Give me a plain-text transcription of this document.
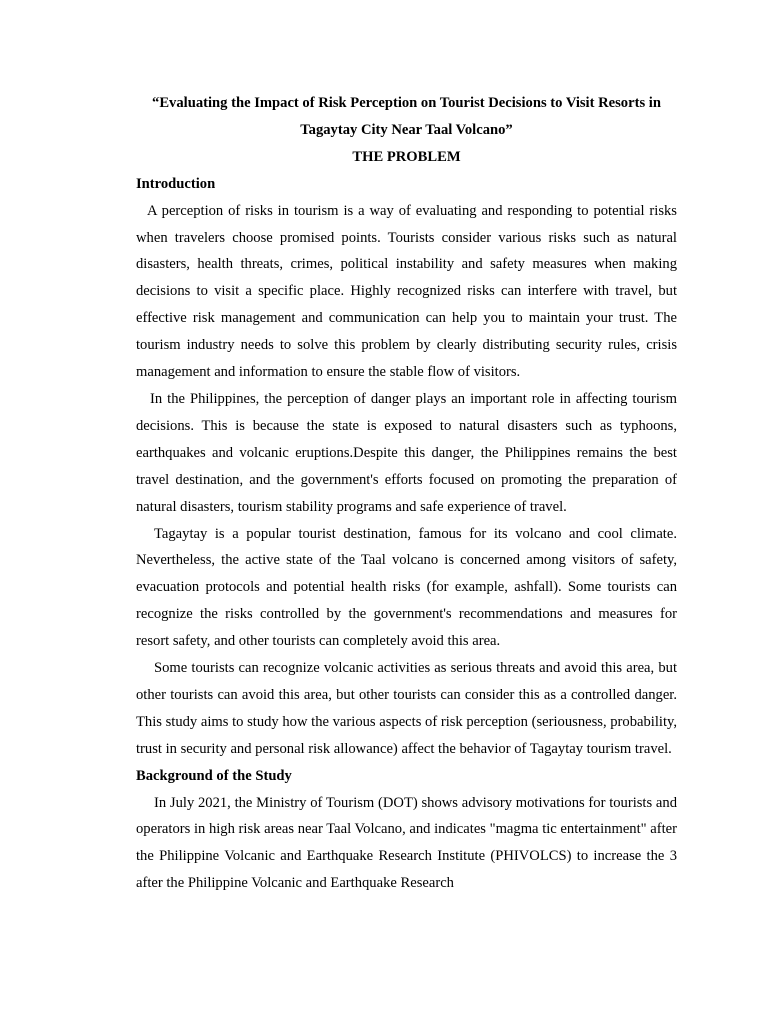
“Evaluating the Impact of Risk Perception on Tourist Decisions to Visit Resorts in
Tagaytay City Near Taal Volcano”

THE PROBLEM

Introduction

A perception of risks in tourism is a way of evaluating and responding to potential risks when travelers choose promised points. Tourists consider various risks such as natural disasters, health threats, crimes, political instability and safety measures when making decisions to visit a specific place. Highly recognized risks can interfere with travel, but effective risk management and communication can help you to maintain your trust. The tourism industry needs to solve this problem by clearly distributing security rules, crisis management and information to ensure the stable flow of visitors.

In the Philippines, the perception of danger plays an important role in affecting tourism decisions. This is because the state is exposed to natural disasters such as typhoons, earthquakes and volcanic eruptions.Despite this danger, the Philippines remains the best travel destination, and the government's efforts focused on promoting the preparation of natural disasters, tourism stability programs and safe experience of travel.

Tagaytay is a popular tourist destination, famous for its volcano and cool climate. Nevertheless, the active state of the Taal volcano is concerned among visitors of safety, evacuation protocols and potential health risks (for example, ashfall). Some tourists can recognize the risks controlled by the government's recommendations and measures for resort safety, and other tourists can completely avoid this area.

Some tourists can recognize volcanic activities as serious threats and avoid this area, but other tourists can avoid this area, but other tourists can consider this as a controlled danger. This study aims to study how the various aspects of risk perception (seriousness, probability, trust in security and personal risk allowance) affect the behavior of Tagaytay tourism travel.

Background of the Study

In July 2021, the Ministry of Tourism (DOT) shows advisory motivations for tourists and operators in high risk areas near Taal Volcano, and indicates "magma tic entertainment" after the Philippine Volcanic and Earthquake Research Institute (PHIVOLCS) to increase the 3 after the Philippine Volcanic and Earthquake Research
